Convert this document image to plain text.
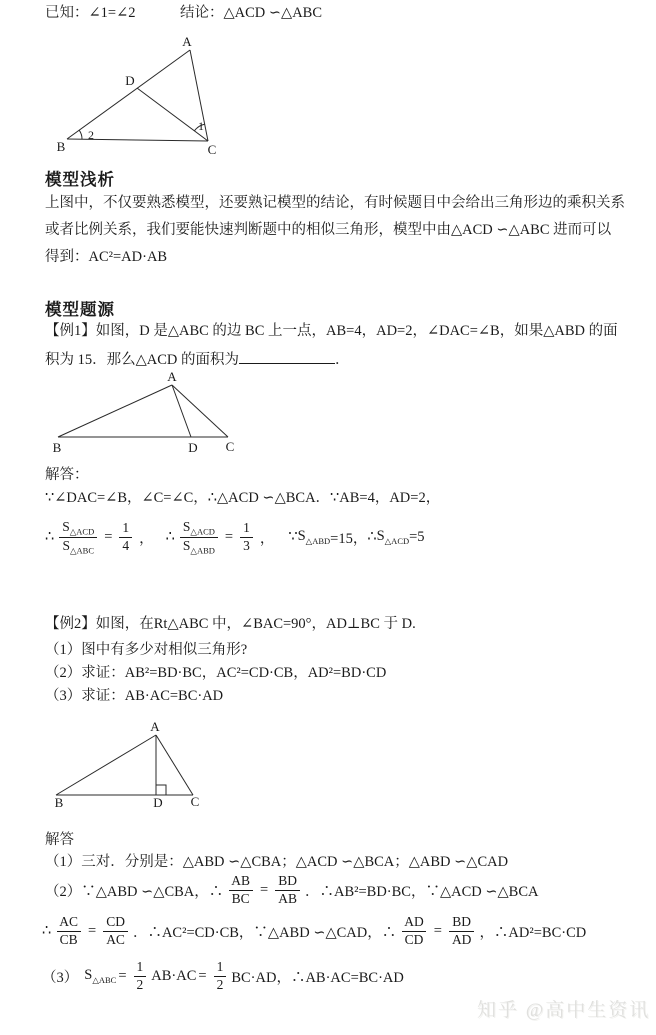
已知：∠1=∠2	结论：△ACD ∽△ABC
A
B	C
D
2
1
模型浅析
上图中，不仅要熟悉模型，还要熟记模型的结论，有时候题目中会给出三角形边的乘积关系
或者比例关系，我们要能快速判断题中的相似三角形，模型中由△ACD ∽△ABC 进而可以
得到：AC²=AD·AB
模型题源
【例1】如图，D 是△ABC 的边 BC 上一点，AB=4，AD=2，∠DAC=∠B，如果△ABD 的面
积为 15．那么△ACD 的面积为	．
A
B	D C
解答：
∵∠DAC=∠B，∠C=∠C，∴△ACD ∽△BCA．∵AB=4，AD=2，
∴ $\frac{S_{\triangle ACD}}{S_{\triangle ABC}} = \frac{1}{4}$ ， ∴ $\frac{S_{\triangle ACD}}{S_{\triangle ABD}} = \frac{1}{3}$ ， ∵ $S_{\triangle ABD} =15$， ∴ $S_{\triangle ACD} =5$
【例2】如图，在Rt△ABC 中，∠BAC=90°，AD⊥BC 于 D.
（1）图中有多少对相似三角形?
（2）求证：AB²=BD·BC，AC²=CD·CB，AD²=BD·CD
（3）求证：AB·AC=BC·AD
A
B	D C
解答
（1）三对．分别是：△ABD ∽△CBA；△ACD ∽△BCA；△ABD ∽△CAD
（2）∵△ABD ∽△CBA，∴ $\frac{AB}{BC} = \frac{BD}{AB}$ ．∴AB²=BD·BC，∵△ACD ∽△BCA
∴ $\frac{AC}{CB} = \frac{CD}{AC}$ ．∴AC²=CD·CB，∵△ABD ∽△CAD，∴ $\frac{AD}{CD} = \frac{BD}{AD}$ ，∴AD²=BC·CD
（3） $S_{\triangle ABC} = \frac{1}{2} AB\cdot AC = \frac{1}{2} BC\cdot AD$，∴AB·AC=BC·AD
知乎 @高中生资讯
